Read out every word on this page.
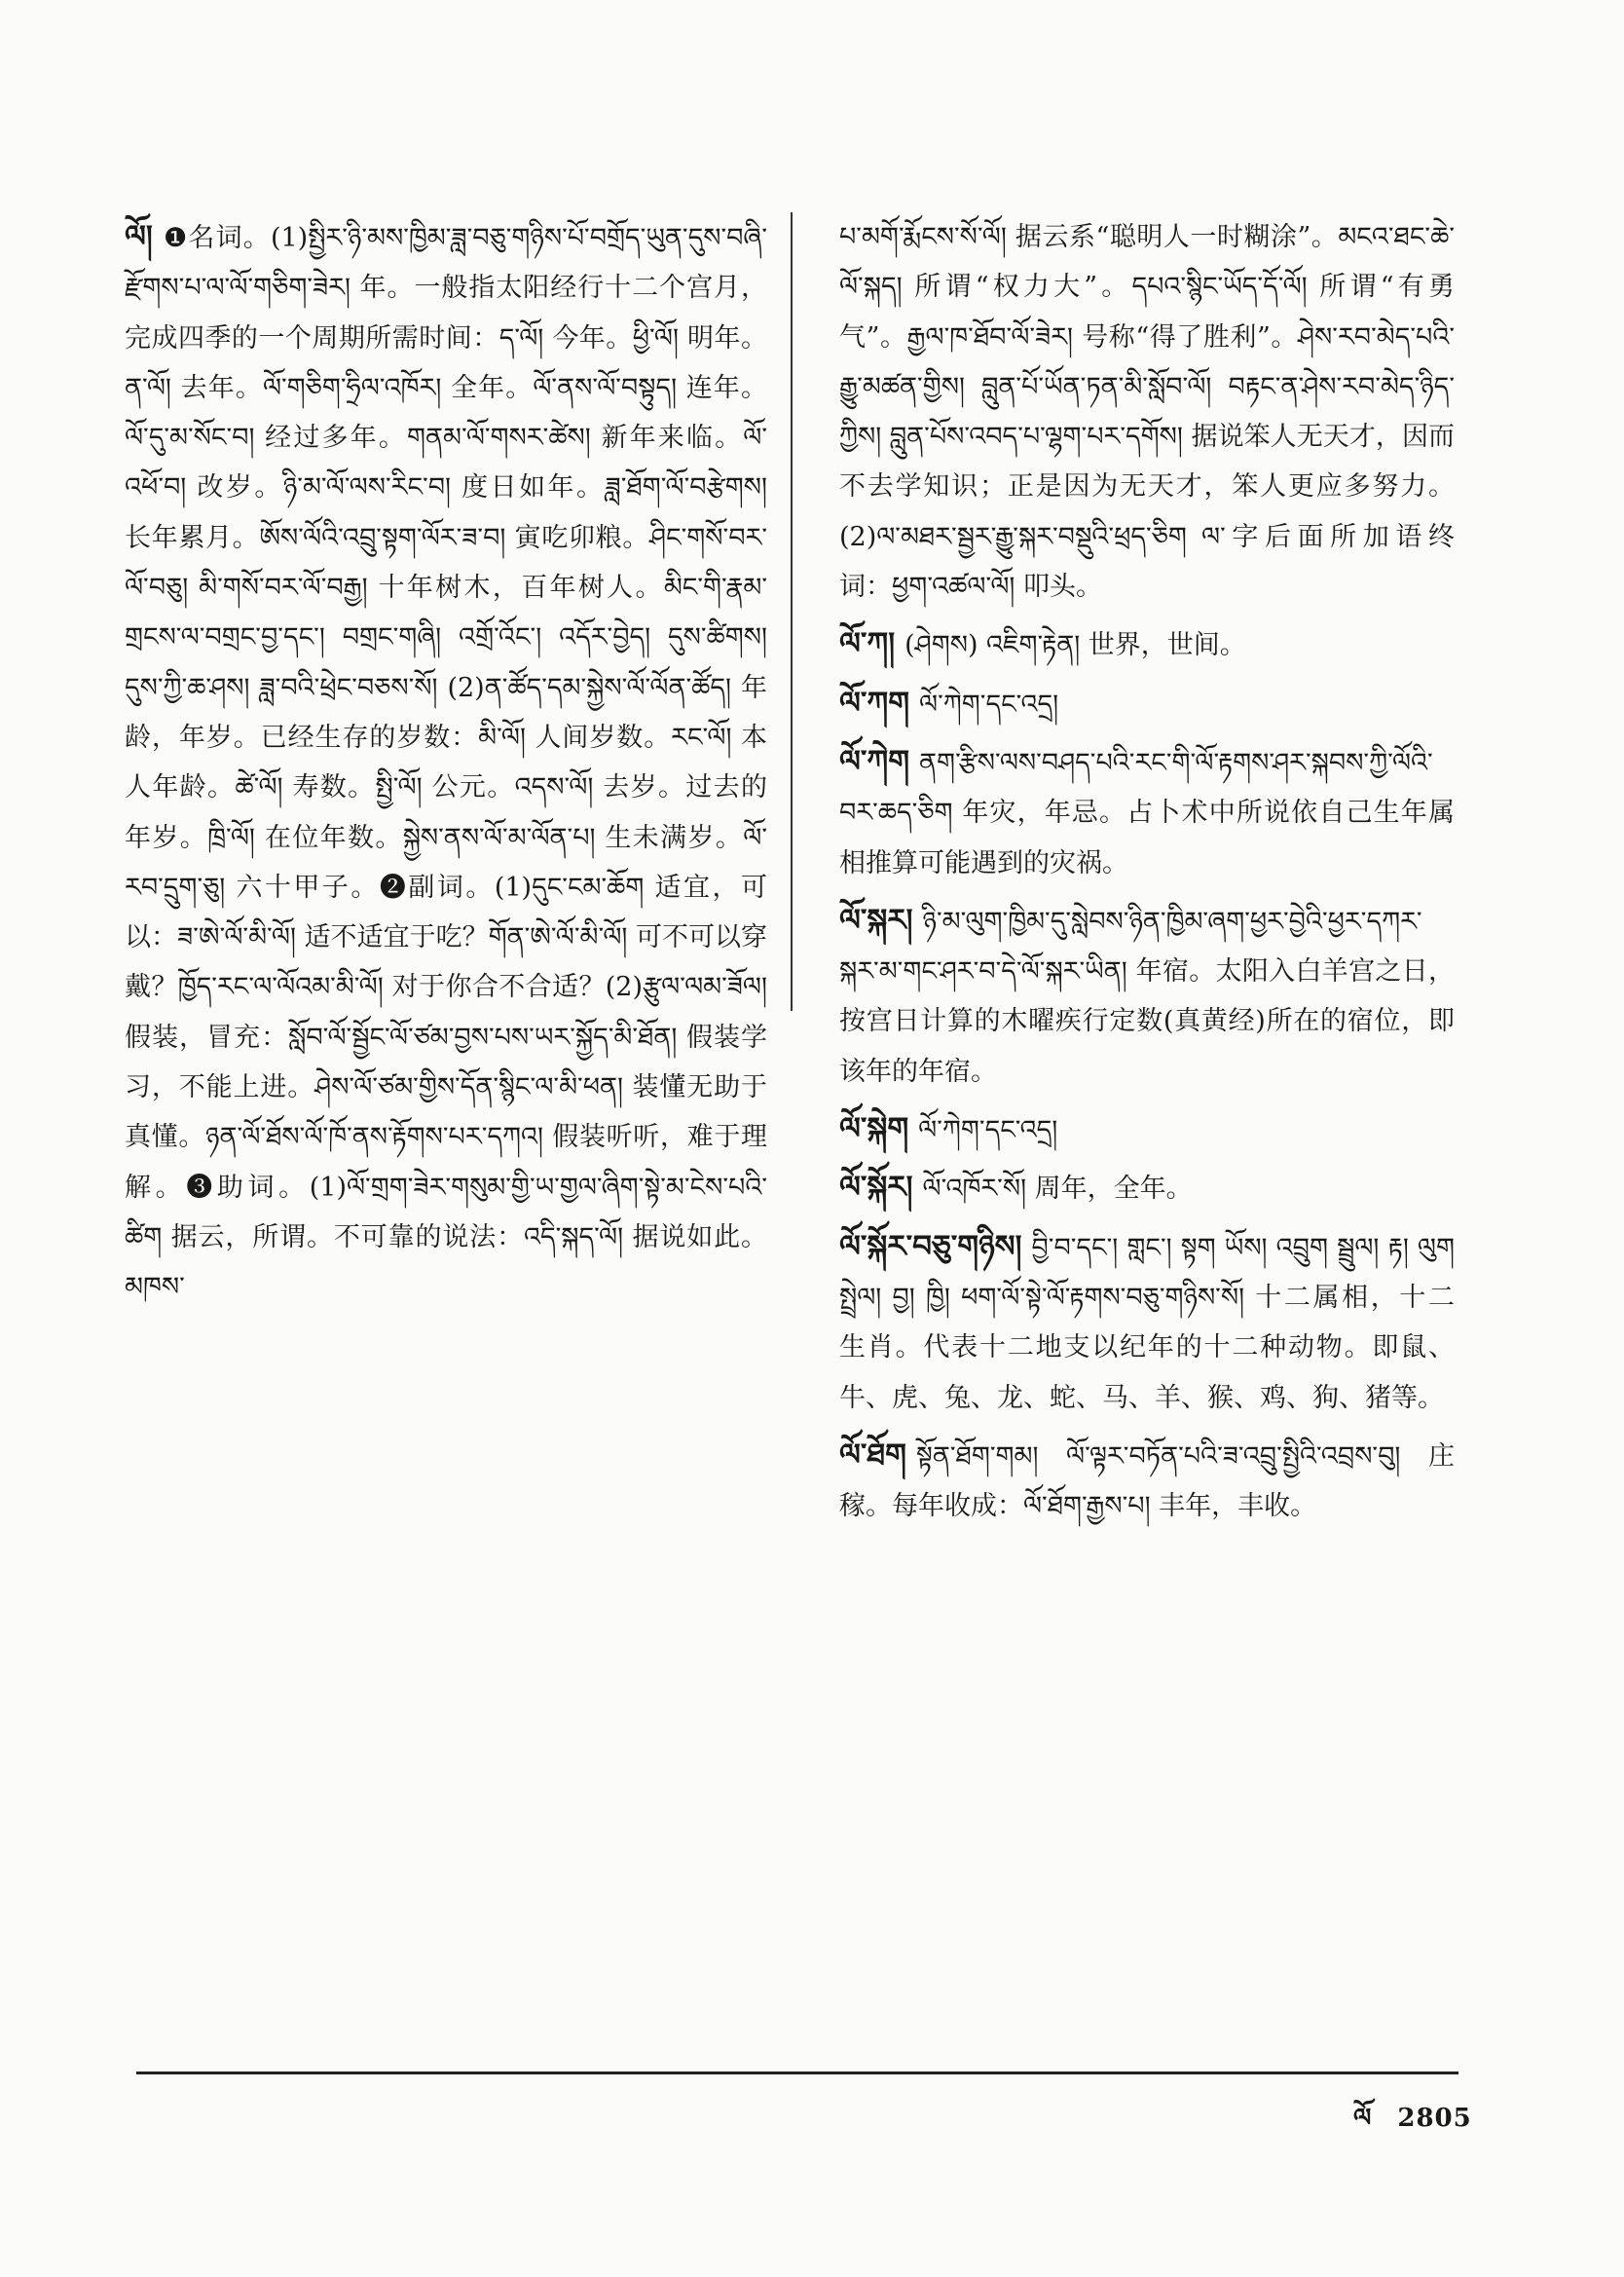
ལོ། ❶名词。(1)སྤྱིར་ཉི་མས་ཁྱིམ་ཟླ་བཅུ་གཉིས་པོ་བགྲོད་ཡུན་དུས་བཞི་རྫོགས་པ་ལ་ལོ་གཅིག་ཟེར། 年。一般指太阳经行十二个宫月，完成四季的一个周期所需时间：ད་ལོ། 今年。ཕྱི་ལོ། 明年。ན་ལོ། 去年。ལོ་གཅིག་ཧྲིལ་འཁོར། 全年。ལོ་ནས་ལོ་བསྟུད། 连年。ལོ་དུ་མ་སོང་བ། 经过多年。གནམ་ལོ་གསར་ཚེས། 新年来临。ལོ་འཕོ་བ། 改岁。ཉི་མ་ལོ་ལས་རིང་བ། 度日如年。ཟླ་ཐོག་ལོ་བརྩེགས། 长年累月。ཨོས་ལོའི་འབྲུ་སྟག་ལོར་ཟ་བ། 寅吃卯粮。ཤིང་གསོ་བར་ལོ་བཅུ། མི་གསོ་བར་ལོ་བརྒྱ། 十年树木，百年树人。མིང་གི་རྣམ་གྲངས་ལ་བགྲང་བྱ་དང་། བགྲང་གཞི། འགྲོ་འོང་། འདོར་བྱེད། དུས་ཚིགས། དུས་ཀྱི་ཆ་ཤས། ཟླ་བའི་ཕྲེང་བཅས་སོ། (2)ན་ཚོད་དམ་སྐྱེས་ལོ་ལོན་ཚོད། 年龄，年岁。已经生存的岁数：མི་ལོ། 人间岁数。རང་ལོ། 本人年龄。ཚེ་ལོ། 寿数。སྤྱི་ལོ། 公元。འདས་ལོ། 去岁。过去的年岁。ཁྲི་ལོ། 在位年数。སྐྱེས་ནས་ལོ་མ་ལོན་པ། 生未满岁。ལོ་རབ་དྲུག་ཅུ། 六十甲子。❷副词。(1)དུང་ངམ་ཆོག 适宜，可以：ཟ་ཨེ་ལོ་མི་ལོ། 适不适宜于吃？གོན་ཨེ་ལོ་མི་ལོ། 可不可以穿戴？ཁྱོད་རང་ལ་ལོའམ་མི་ལོ། 对于你合不合适？(2)རྩུལ་ལམ་ཟོལ། 假装，冒充：སློབ་ལོ་སྦྱོང་ལོ་ཙམ་བྱས་པས་ཡར་སྐྱོད་མི་ཐོན། 假装学习，不能上进。ཤེས་ལོ་ཙམ་གྱིས་དོན་སྙིང་ལ་མི་ཕན། 装懂无助于真懂。ཉན་ལོ་ཐོས་ལོ་ཁོ་ནས་རྟོགས་པར་དཀའ། 假装听听，难于理解。❸助词。(1)ལོ་གྲག་ཟེར་གསུམ་གྱི་ཡ་གྱལ་ཞིག་སྟེ་མ་ངེས་པའི་ཚིག 据云，所谓。不可靠的说法：འདི་སྐད་ལོ། 据说如此。མཁས་
པ་མགོ་རྨོངས་སོ་ལོ། 据云系“聪明人一时糊涂”。མངའ་ཐང་ཆེ་ལོ་སྐད། 所谓“权力大”。དཔའ་སྙིང་ཡོད་དོ་ལོ། 所谓“有勇气”。རྒྱལ་ཁ་ཐོབ་ལོ་ཟེར། 号称“得了胜利”。ཤེས་རབ་མེད་པའི་རྒྱུ་མཚན་གྱིས། བླུན་པོ་ཡོན་ཏན་མི་སློབ་ལོ། བརྟང་ན་ཤེས་རབ་མེད་ཉིད་ཀྱིས། བླུན་པོས་འབད་པ་ལྷག་པར་དགོས། 据说笨人无天才，因而不去学知识；正是因为无天才，笨人更应多努力。(2)ལ་མཐར་སྦྱར་རྒྱུ་སྐར་བསྡུའི་ཕྲད་ཅིག ལ་字后面所加语终词：ཕྱག་འཚལ་ལོ། 叩头。
ལོ་ཀ། (ཤེགས) འཇིག་རྟེན། 世界，世间。
ལོ་ཀག ལོ་ཀེག་དང་འདྲ།
ལོ་ཀེག ནག་རྩིས་ལས་བཤད་པའི་རང་གི་ལོ་རྟགས་ཤར་སྐབས་ཀྱི་ལོའི་བར་ཆད་ཅིག 年灾，年忌。占卜术中所说依自己生年属相推算可能遇到的灾祸。
ལོ་སྐར། ཉི་མ་ལུག་ཁྱིམ་དུ་སླེབས་ཉིན་ཁྱིམ་ཞག་ཕྱར་བྱེའི་ཕྱར་དཀར་སྐར་མ་གང་ཤར་བ་དེ་ལོ་སྐར་ཡིན། 年宿。太阳入白羊宫之日，按宫日计算的木曜疾行定数(真黄经)所在的宿位，即该年的年宿。
ལོ་སྐེག ལོ་ཀེག་དང་འདྲ།
ལོ་སྐོར། ལོ་འཁོར་སོ། 周年，全年。
ལོ་སྐོར་བཅུ་གཉིས། བྱི་བ་དང་། གླང་། སྟག ཡོས། འབྲུག སྦྲུལ། རྟ། ལུག སྤྲེལ། བྱ། ཁྱི། ཕག་ལོ་སྟེ་ལོ་རྟགས་བཅུ་གཉིས་སོ། 十二属相，十二生肖。代表十二地支以纪年的十二种动物。即鼠、牛、虎、兔、龙、蛇、马、羊、猴、鸡、狗、猪等。
ལོ་ཐོག སྟོན་ཐོག་གམ། ལོ་ལྟར་བཏོན་པའི་ཟ་འབྲུ་སྤྱིའི་འབྲས་བུ། 庄稼。每年收成：ལོ་ཐོག་རྒྱས་པ། 丰年，丰收。
ལོ 2805
